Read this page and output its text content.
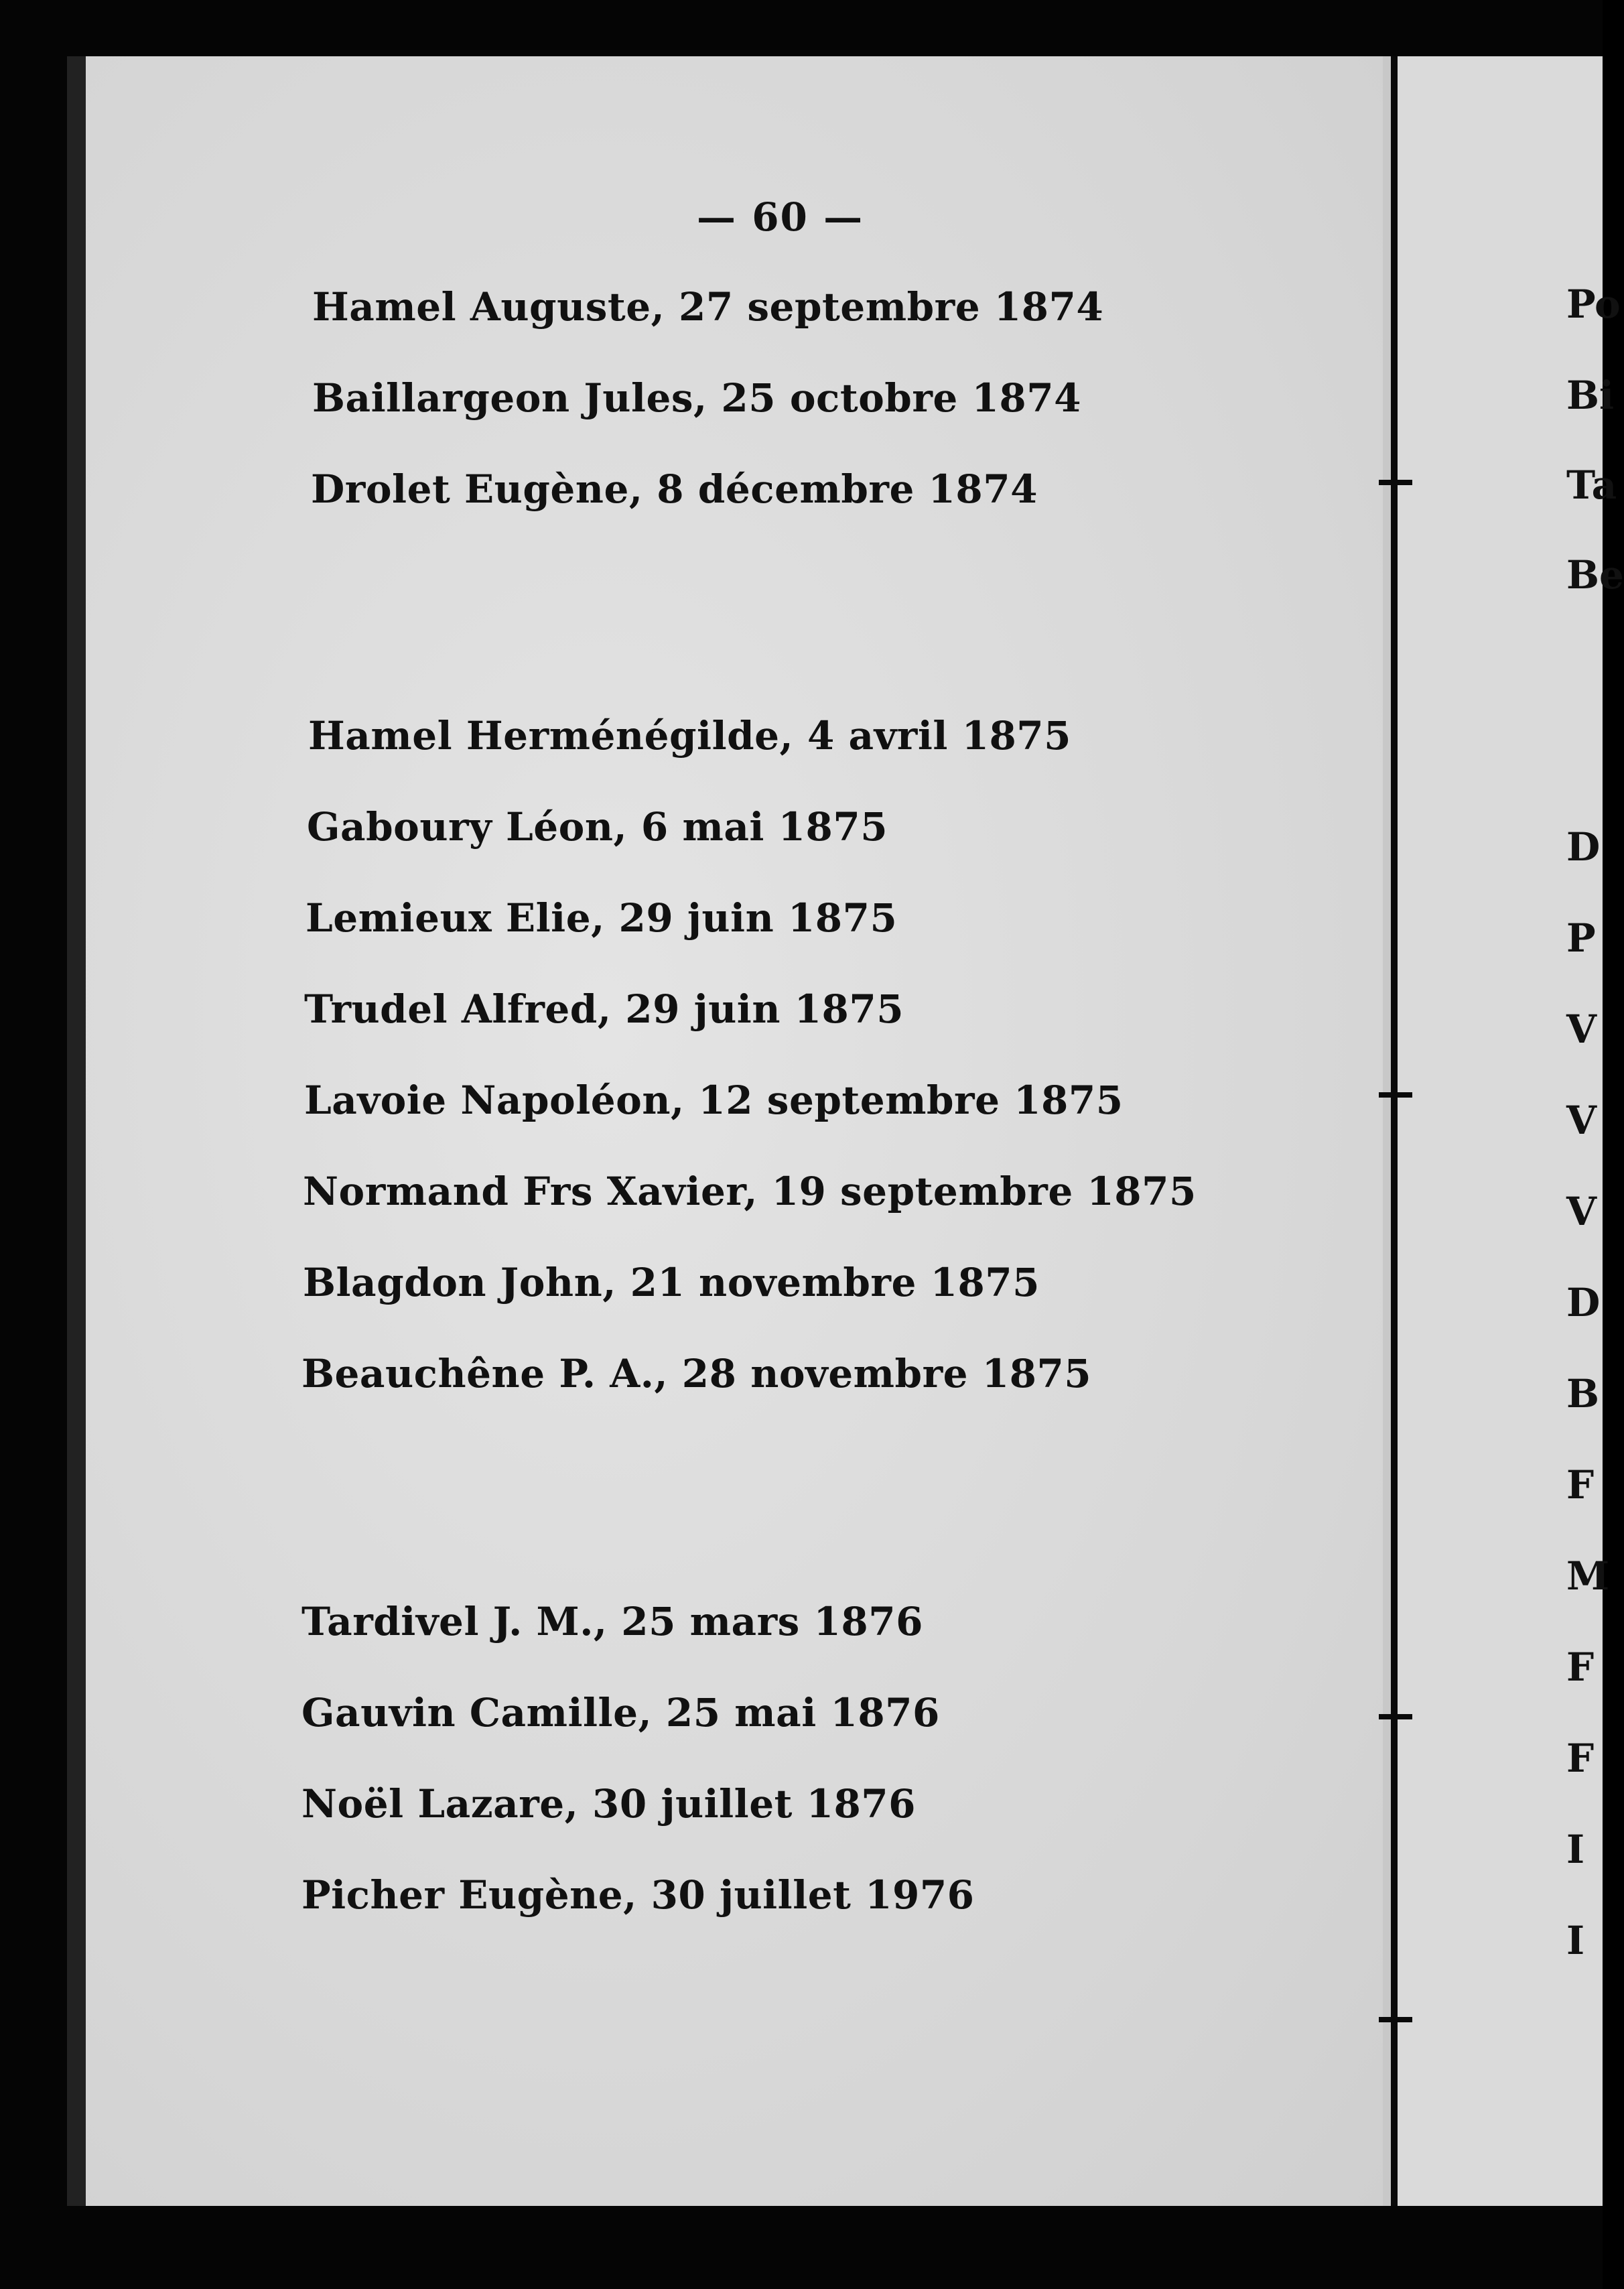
— 60 —
Hamel Auguste, 27 septembre 1874
Baillargeon Jules, 25 octobre 1874
Drolet Eugène, 8 décembre 1874
Hamel Herménégilde, 4 avril 1875
Gaboury Léon, 6 mai 1875
Lemieux Elie, 29 juin 1875
Trudel Alfred, 29 juin 1875
Lavoie Napoléon, 12 septembre 1875
Normand Frs Xavier, 19 septembre 1875
Blagdon John, 21 novembre 1875
Beauchêne P. A., 28 novembre 1875
Tardivel J. M., 25 mars 1876
Gauvin Camille, 25 mai 1876
Noël Lazare, 30 juillet 1876
Picher Eugène, 30 juillet 1976
Po
Bi
Ta
Be
D
P
V
V
V
D
B
F
M
F
F
I
I
